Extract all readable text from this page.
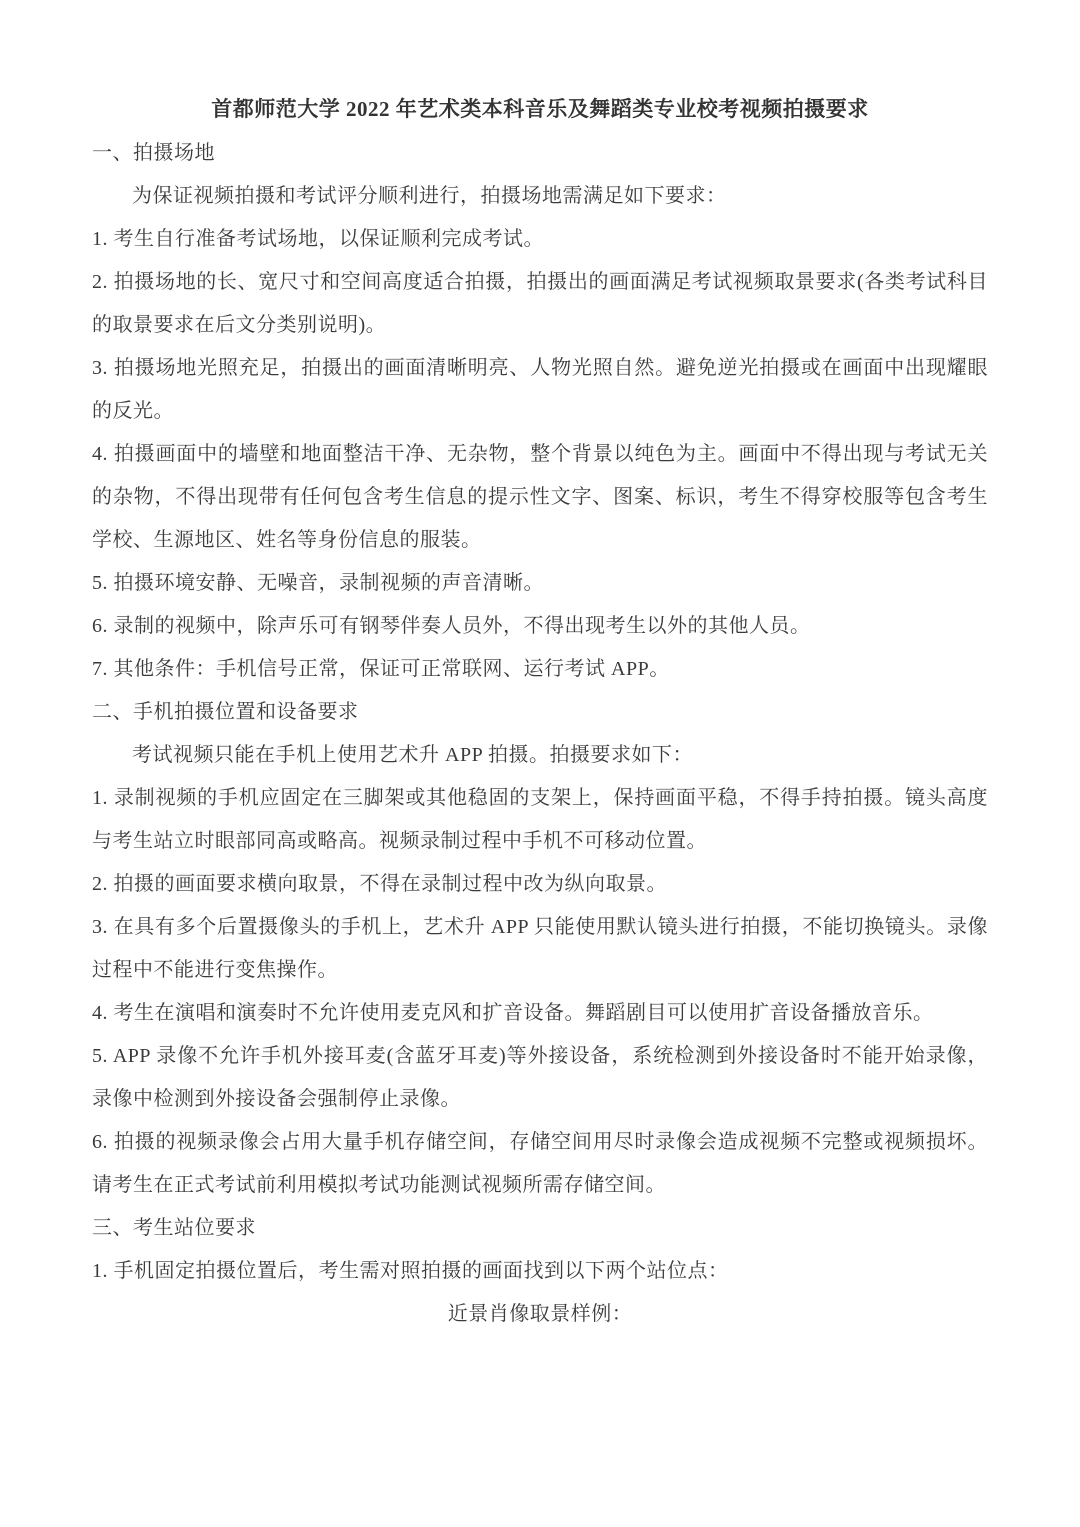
首都师范大学 2022 年艺术类本科音乐及舞蹈类专业校考视频拍摄要求

一、拍摄场地

为保证视频拍摄和考试评分顺利进行，拍摄场地需满足如下要求：

1. 考生自行准备考试场地，以保证顺利完成考试。

2. 拍摄场地的长、宽尺寸和空间高度适合拍摄，拍摄出的画面满足考试视频取景要求(各类考试科目的取景要求在后文分类别说明)。

3. 拍摄场地光照充足，拍摄出的画面清晰明亮、人物光照自然。避免逆光拍摄或在画面中出现耀眼的反光。

4. 拍摄画面中的墙壁和地面整洁干净、无杂物，整个背景以纯色为主。画面中不得出现与考试无关的杂物，不得出现带有任何包含考生信息的提示性文字、图案、标识，考生不得穿校服等包含考生学校、生源地区、姓名等身份信息的服装。

5. 拍摄环境安静、无噪音，录制视频的声音清晰。

6. 录制的视频中，除声乐可有钢琴伴奏人员外，不得出现考生以外的其他人员。

7. 其他条件：手机信号正常，保证可正常联网、运行考试 APP。

二、手机拍摄位置和设备要求

考试视频只能在手机上使用艺术升 APP 拍摄。拍摄要求如下：

1. 录制视频的手机应固定在三脚架或其他稳固的支架上，保持画面平稳，不得手持拍摄。镜头高度与考生站立时眼部同高或略高。视频录制过程中手机不可移动位置。

2. 拍摄的画面要求横向取景，不得在录制过程中改为纵向取景。

3. 在具有多个后置摄像头的手机上，艺术升 APP 只能使用默认镜头进行拍摄，不能切换镜头。录像过程中不能进行变焦操作。

4. 考生在演唱和演奏时不允许使用麦克风和扩音设备。舞蹈剧目可以使用扩音设备播放音乐。

5. APP 录像不允许手机外接耳麦(含蓝牙耳麦)等外接设备，系统检测到外接设备时不能开始录像，录像中检测到外接设备会强制停止录像。

6. 拍摄的视频录像会占用大量手机存储空间，存储空间用尽时录像会造成视频不完整或视频损坏。请考生在正式考试前利用模拟考试功能测试视频所需存储空间。

三、考生站位要求

1. 手机固定拍摄位置后，考生需对照拍摄的画面找到以下两个站位点：

近景肖像取景样例：
